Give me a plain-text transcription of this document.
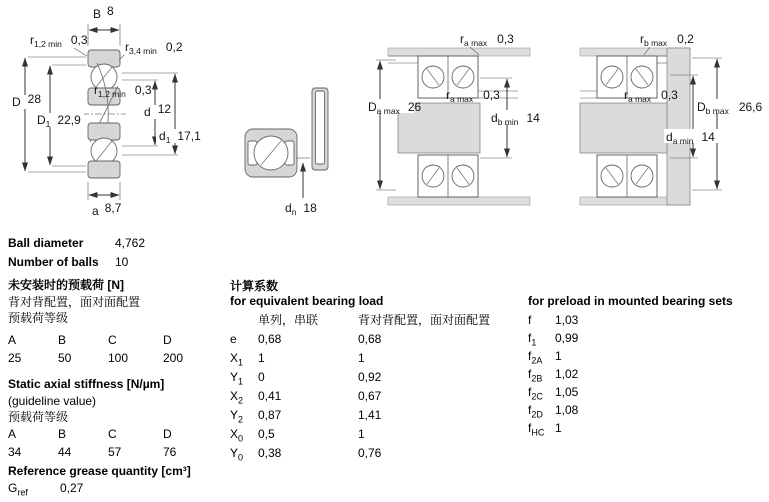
B 8
$r_{1,2 min}$ 0,3	$r_{3,4 min}$ 0,2
$r_{1,2 min}$ 0,3
D 28
$D_1$ 22,9
d 12
$d_1$ 17,1
a 8,7	$d_n$ 18
$r_{a max}$ 0,3
$D_{a max}$ 26
$r_{a max}$ 0,3
$d_{b min}$ 14
$r_{b max}$ 0,2
$r_{a max}$ 0,3
$D_{b max}$ 26,6
$d_{a min}$ 14
Ball diameter	4,762
Number of balls 10
未安装时的预载荷 [N]
背对背配置，面对面配置
预载荷等级
A	B	C	D
25	50	100	200
Static axial stiffness [N/µm]
(guideline value)
预载荷等级
A	B	C	D
34	44	57	76
Reference grease quantity [cm³]
$G_{ref}$	0,27
计算系数
for equivalent bearing load
单列，串联	背对背配置，面对面配置
e 0,68	0,68
$X_1$ 1	1
$Y_1$ 0	0,92
$X_2$ 0,41	0,67
$Y_2$ 0,87	1,41
$X_0$ 0,5	1
$Y_0$ 0,38	0,76
for preload in mounted bearing sets
f 1,03
$f_1$ 0,99
$f_{2A}$ 1
$f_{2B}$ 1,02
$f_{2C}$ 1,05
$f_{2D}$ 1,08
$f_{HC}$ 1
